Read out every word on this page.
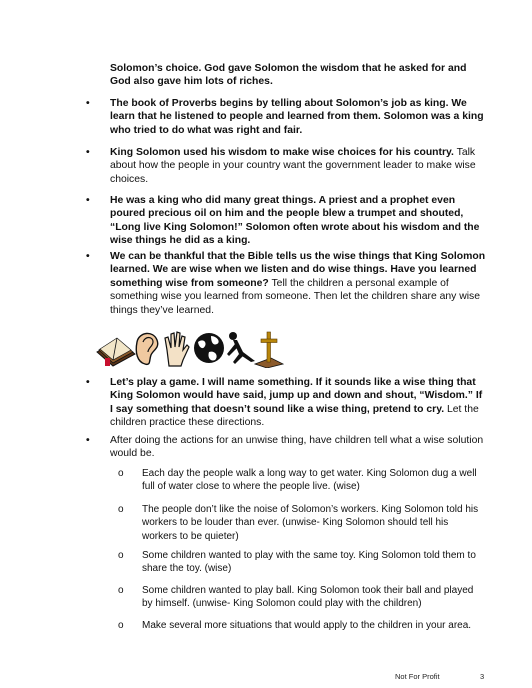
Solomon’s choice. God gave Solomon the wisdom that he asked for and
God also gave him lots of riches.
•	The book of Proverbs begins by telling about Solomon’s job as king. We learn that he listened to people and learned from them. Solomon was a king who tried to do what was right and fair.
•	King Solomon used his wisdom to make wise choices for his country. Talk about how the people in your country want the government leader to make wise choices.
•	He was a king who did many great things. A priest and a prophet even poured precious oil on him and the people blew a trumpet and shouted, “Long live King Solomon!” Solomon often wrote about his wisdom and the wise things he did as a king.
•	We can be thankful that the Bible tells us the wise things that King Solomon learned. We are wise when we listen and do wise things. Have you learned something wise from someone? Tell the children a personal example of something wise you learned from someone. Then let the children share any wise things they’ve learned.
•	Let’s play a game. I will name something. If it sounds like a wise thing that King Solomon would have said, jump up and down and shout, “Wisdom.” If I say something that doesn’t sound like a wise thing, pretend to cry. Let the children practice these directions.
•	After doing the actions for an unwise thing, have children tell what a wise solution would be.
o Each day the people walk a long way to get water. King Solomon dug a well full of water close to where the people live. (wise)
o The people don’t like the noise of Solomon’s workers. King Solomon told his workers to be louder than ever. (unwise- King Solomon should tell his workers to be quieter)
o Some children wanted to play with the same toy. King Solomon told them to share the toy. (wise)
o Some children wanted to play ball. King Solomon took their ball and played by himself. (unwise- King Solomon could play with the children)
o Make several more situations that would apply to the children in your area.
Not For Profit	3
